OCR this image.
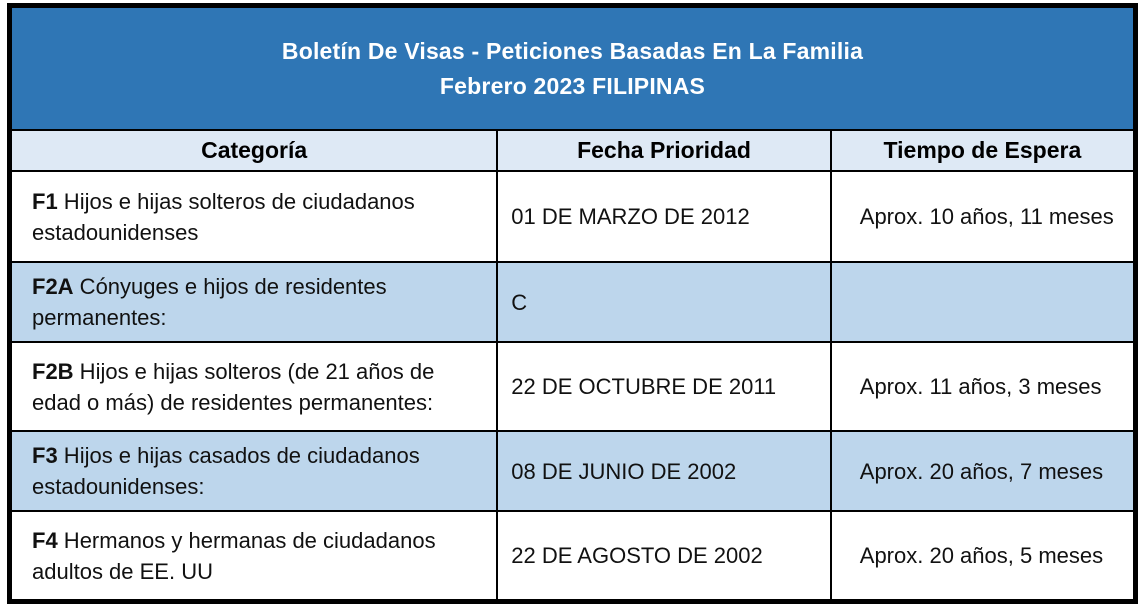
Boletín De Visas - Peticiones Basadas En La Familia
Febrero 2023 FILIPINAS		

Categoría	Fecha Prioridad	Tiempo de Espera
F1 Hijos e hijas solteros de ciudadanos estadounidenses	01 DE MARZO DE 2012	Aprox. 10 años, 11 meses
F2A Cónyuges e hijos de residentes permanentes:	C	
F2B Hijos e hijas solteros (de 21 años de edad o más) de residentes permanentes:	22 DE OCTUBRE DE 2011	Aprox. 11 años, 3 meses
F3 Hijos e hijas casados de ciudadanos estadounidenses:	08 DE JUNIO DE 2002	Aprox. 20 años, 7 meses
F4 Hermanos y hermanas de ciudadanos adultos de EE. UU	22 DE AGOSTO DE 2002	Aprox. 20 años, 5 meses
